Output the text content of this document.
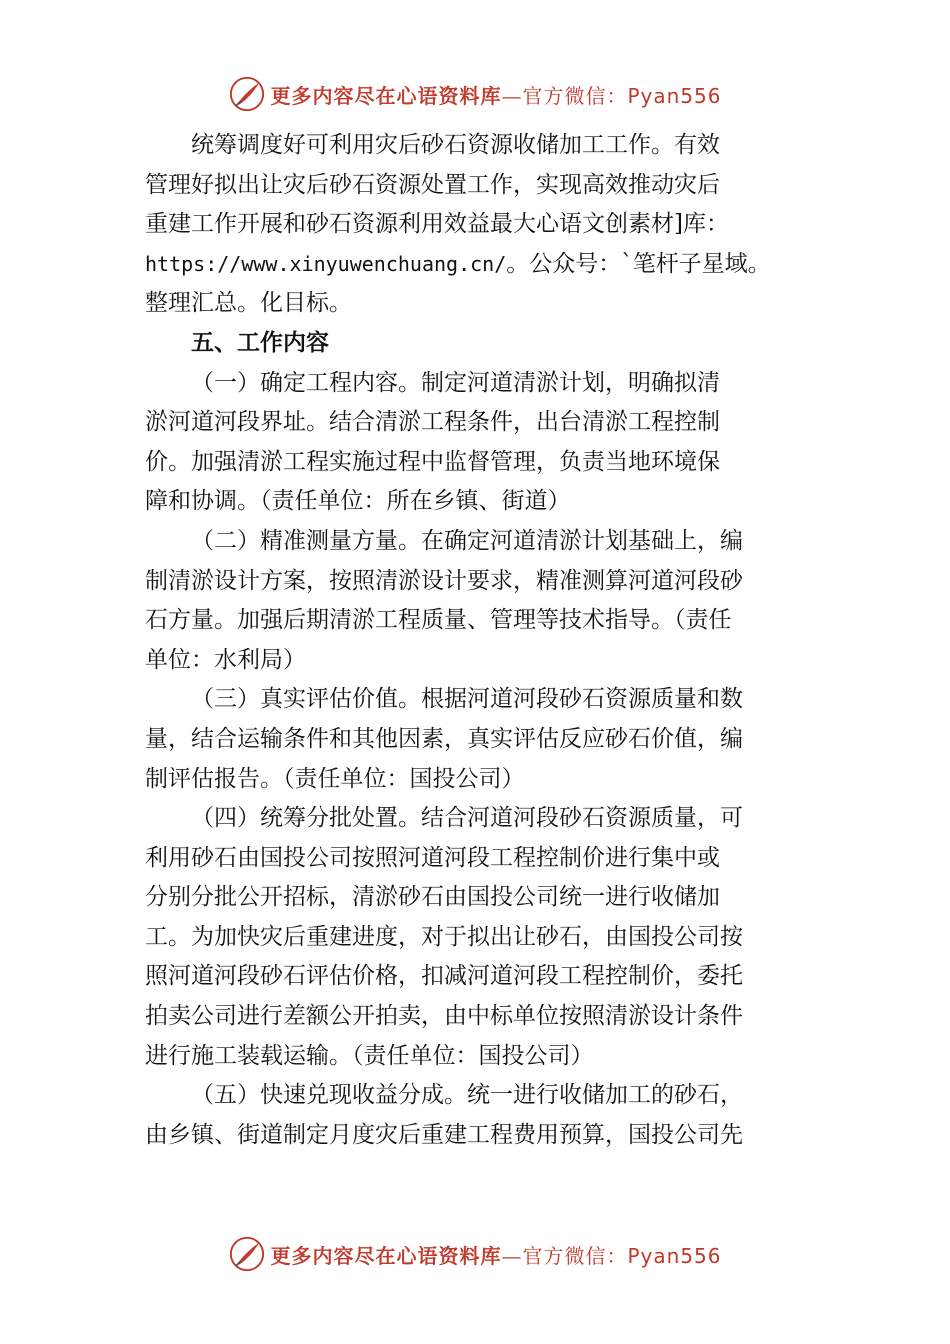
更多内容尽在心语资料库—官方微信：Pyan556

统筹调度好可利用灾后砂石资源收储加工工作。有效

管理好拟出让灾后砂石资源处置工作，实现高效推动灾后
重建工作开展和砂石资源利用效益最大心语文创素材]库：
https://www.xinyuwenchuang.cn/。公众号：`笔杆子星域。
整理汇总。化目标。

五、工作内容

（一）确定工程内容。制定河道清淤计划，明确拟清
淤河道河段界址。结合清淤工程条件，出台清淤工程控制
价。加强清淤工程实施过程中监督管理，负责当地环境保
障和协调。（责任单位：所在乡镇、街道）
（二）精准测量方量。在确定河道清淤计划基础上，编
制清淤设计方案，按照清淤设计要求，精准测算河道河段砂
石方量。加强后期清淤工程质量、管理等技术指导。（责任
单位：水利局）
（三）真实评估价值。根据河道河段砂石资源质量和数
量，结合运输条件和其他因素，真实评估反应砂石价值，编
制评估报告。（责任单位：国投公司）
（四）统筹分批处置。结合河道河段砂石资源质量，可
利用砂石由国投公司按照河道河段工程控制价进行集中或
分别分批公开招标，清淤砂石由国投公司统一进行收储加
工。为加快灾后重建进度，对于拟出让砂石，由国投公司按
照河道河段砂石评估价格，扣减河道河段工程控制价，委托
拍卖公司进行差额公开拍卖，由中标单位按照清淤设计条件
进行施工装载运输。（责任单位：国投公司）
（五）快速兑现收益分成。统一进行收储加工的砂石，
由乡镇、街道制定月度灾后重建工程费用预算，国投公司先
更多内容尽在心语资料库—官方微信：Pyan556
